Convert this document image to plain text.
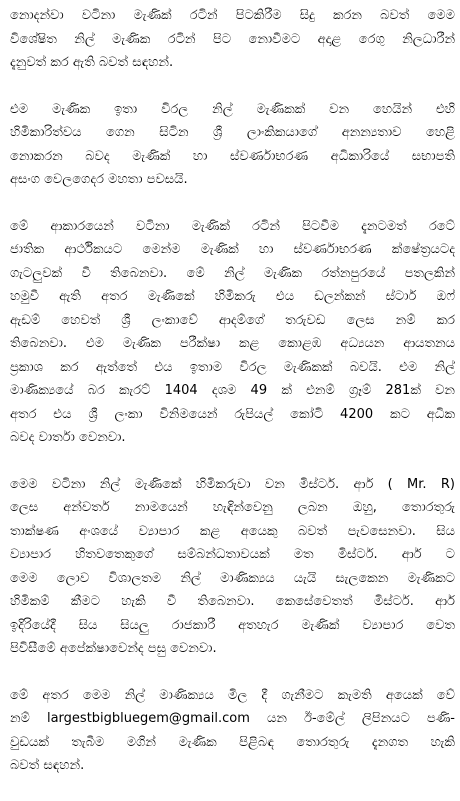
නොදන්වා වටිනා මැණික් රටින් පිටකිරීම සිදු කරන බවත් මෙම
විශේෂිත නිල් මැණික රටින් පිට නොවීමට අදාළ රෙගු නිලධාරීන්
දැනුවත් කර ඇති බවත් සඳහන්.
එම මැණික ඉතා විරල නිල් මැණිකක් වන හෙයින් එහි
හිමිකාරිත්වය ගෙන සිටින ශ්‍රී ලාංකිකයාගේ අනන්‍යතාව හෙළි
නොකරන බවද මැණික් හා ස්වර්ණාභරණ අධිකාරියේ සභාපති
අසංග වෙලගෙදර මහතා පවසයි.
මේ ආකාරයෙන් වටිනා මැණික් රටින් පිටවීම දැනටමත් රටේ
ජාතික ආර්ථිකයට මෙන්ම මැණික් හා ස්වර්ණාභරණ ක්ෂේත්‍රයටද
ගැටලුවක් වී තිබෙනවා. මේ නිල් මැණික රත්නපුරයේ පතලකින්
හමුවී ඇති අතර මැණිකේ හිමිකරු එය ඩලන්කන් ස්ටාර් ඔෆ්
ඇඩම් හෙවත් ශ්‍රී ලංකාවේ ආදම්ගේ තරුවඩ ලෙස නම් කර
තිබෙනවා. එම මැණික පරීක්ෂා කළ කොළඹ අධ්‍යයන ආයතනය
ප්‍රකාශ කර ඇත්තේ එය ඉතාම විරල මැණිකක් බවයි. එම නිල්
මාණික්‍යයේ බර කැරට් 1404 දශම 49 ක් එනම් ග්‍රෑම් 281ක් වන
අතර එය ශ්‍රී ලංකා විනිමයෙන් රුපියල් කෝටි 4200 කට අධික
බවද වාර්තා වෙනවා.
මෙම වටිනා නිල් මැණිකේ හිමිකරුවා වන මිස්ටර්. ආර් ( Mr. R)
ලෙස අන්වර්ත නාමයෙන් හැඳින්වෙනු ලබන ඔහු, තොරතුරු
තාක්ෂණ අංශයේ ව්‍යාපාර කළ අයෙකු බවත් පැවසෙනවා. සිය
ව්‍යාපාර හිතවතෙකුගේ සම්බන්ධතාවයක් මත මිස්ටර්. ආර් ට
මෙම ලොව විශාලතම නිල් මාණික්‍යය යැයි සැලකෙන මැණිකට
හිමිකම් කීමට හැකි වී තිබෙනවා. කෙසේවෙතත් මිස්ටර්. ආර්
ඉදිරියේදී සිය සියලු රාජකාරී අතහැර මැණික් ව්‍යාපාර වෙත
පිවිසීමේ අපේක්ෂාවෙන්ද පසු වෙනවා.
මේ අතර මෙම නිල් මාණික්‍යය මිල දී ගැනීමට කැමති අයෙක් වේ
නම් largestbigbluegem@gmail.com යන ඊ-මේල් ලිපිනයට පණි-
වුඩයක් තැබීම මගින් මැණික පිළිබඳ තොරතුරු දැනගත හැකි
බවත් සඳහන්.
